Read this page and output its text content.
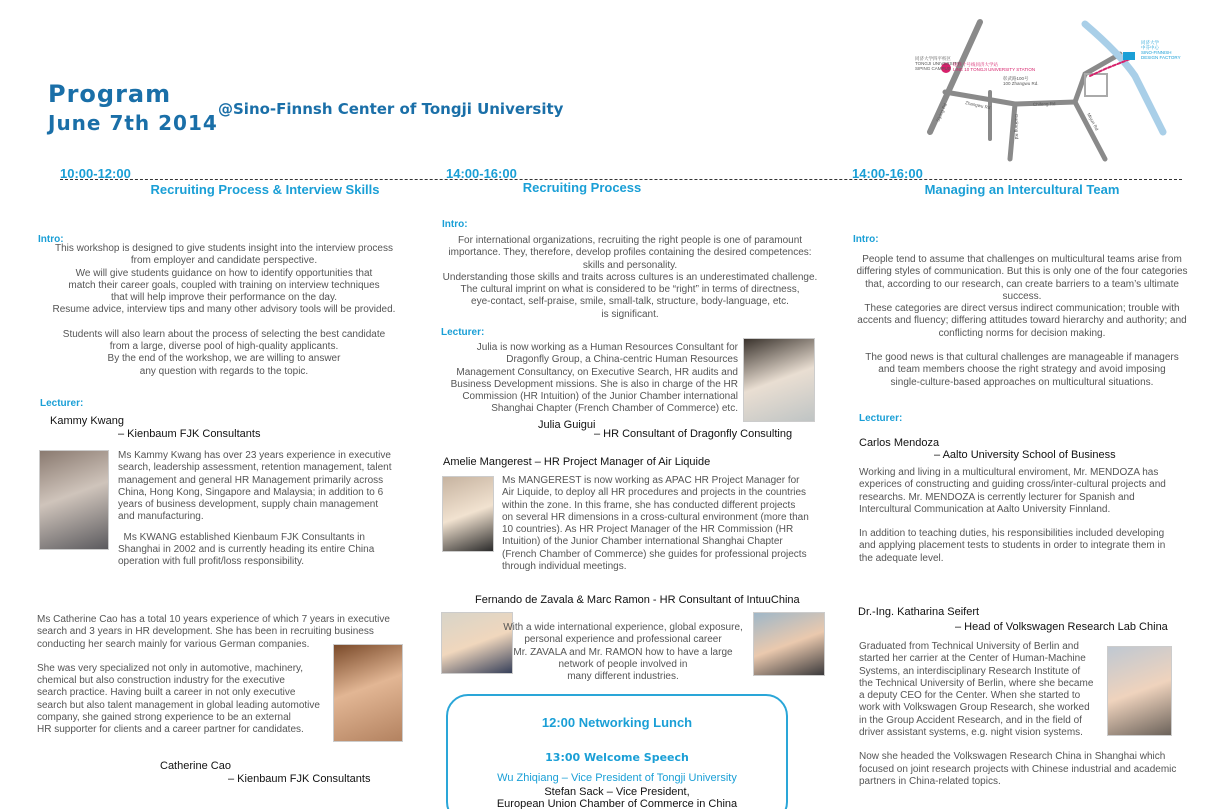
Program
June 7th 2014
@Sino-Finnsh Center of Tongji University
地铁十号线同济大学站 LINE 10 TONGJI UNIVERSITY STATION
同济大学四平校区 TONGJI UNIVERSITY SIPING CAMPUS
彰武路100号 100 Zhangwu Rd.
同济大学 中芬中心 SINO-FINNISH DESIGN FACTORY
Zhangwu Rd
Siping Rd	Chifeng Rd
Guokang Rd	Miyun Rd
10:00-12:00
Recruiting Process & Interview Skills
Intro:
This workshop is designed to give students insight into the interview process
from employer and candidate perspective.
We will give students guidance on how to identify opportunities that
match their career goals, coupled with training on interview techniques
that will help improve their performance on the day.
Resume advice, interview tips and many other advisory tools will be provided.
Students will also learn about the process of selecting the best candidate
from a large, diverse pool of high-quality applicants.
By the end of the workshop, we are willing to answer
any question with regards to the topic.
Lecturer:
Kammy Kwang
– Kienbaum FJK Consultants
Ms Kammy Kwang has over 23 years experience in executive
search, leadership assessment, retention management, talent
management and general HR Management primarily across
China, Hong Kong, Singapore and Malaysia; in addition to 6
years of business development, supply chain management
and manufacturing.
Ms KWANG established Kienbaum FJK Consultants in
Shanghai in 2002 and is currently heading its entire China
operation with full profit/loss responsibility.
Ms Catherine Cao has a total 10 years experience of which 7 years in executive
search and 3 years in HR development. She has been in recruiting business
conducting her search mainly for various German companies.
She was very specialized not only in automotive, machinery,
chemical but also construction industry for the executive
search practice. Having built a career in not only executive
search but also talent management in global leading automotive
company, she gained strong experience to be an external
HR supporter for clients and a career partner for candidates.
Catherine Cao
– Kienbaum FJK Consultants
14:00-16:00
Recruiting Process
Intro:
For international organizations, recruiting the right people is one of paramount
importance. They, therefore, develop profiles containing the desired competences:
skills and personality.
Understanding those skills and traits across cultures is an underestimated challenge.
The cultural imprint on what is considered to be “right” in terms of directness,
eye-contact, self-praise, smile, small-talk, structure, body-language, etc.
is significant.
Lecturer:
Julia is now working as a Human Resources Consultant for
Dragonfly Group, a China-centric Human Resources
Management Consultancy, on Executive Search, HR audits and
Business Development missions. She is also in charge of the HR
Commission (HR Intuition) of the Junior Chamber international
Shanghai Chapter (French Chamber of Commerce) etc.
Julia Guigui
– HR Consultant of Dragonfly Consulting
Amelie Mangerest – HR Project Manager of Air Liquide
Ms MANGEREST is now working as APAC HR Project Manager for
Air Liquide, to deploy all HR procedures and projects in the countries
within the zone. In this frame, she has conducted different projects
on several HR dimensions in a cross-cultural environment (more than
10 countries). As HR Project Manager of the HR Commission (HR
Intuition) of the Junior Chamber international Shanghai Chapter
(French Chamber of Commerce) she guides for professional projects
through individual meetings.
Fernando de Zavala & Marc Ramon - HR Consultant of IntuuChina
With a wide international experience, global exposure,
personal experience and professional career
Mr. ZAVALA and Mr. RAMON how to have a large
network of people involved in
many different industries.
12:00 Networking Lunch
13:00 Welcome Speech
Wu Zhiqiang – Vice President of Tongji University
Stefan Sack – Vice President,
European Union Chamber of Commerce in China
14:00-16:00
Managing an Intercultural Team
Intro:
People tend to assume that challenges on multicultural teams arise from
differing styles of communication. But this is only one of the four categories
that, according to our research, can create barriers to a team’s ultimate
success.
These categories are direct versus indirect communication; trouble with
accents and fluency; differing attitudes toward hierarchy and authority; and
conflicting norms for decision making.
The good news is that cultural challenges are manageable if managers
and team members choose the right strategy and avoid imposing
single-culture-based approaches on multicultural situations.
Lecturer:
Carlos Mendoza
– Aalto University School of Business
Working and living in a multicultural enviroment, Mr. MENDOZA has
experices of constructing and guiding cross/inter-cultural projects and
researchs. Mr. MENDOZA is cerrently lecturer for Spanish and
Intercultural Communication at Aalto University Finnland.
In addition to teaching duties, his responsibilities included developing
and applying placement tests to students in order to integrate them in
the adequate level.
Dr.-Ing. Katharina Seifert
– Head of Volkswagen Research Lab China
Graduated from Technical University of Berlin and
started her carrier at the Center of Human-Machine
Systems, an interdisciplinary Research Institute of
the Technical University of Berlin, where she became
a deputy CEO for the Center. When she started to
work with Volkswagen Group Research, she worked
in the Group Accident Research, and in the field of
driver assistant systems, e.g. night vision systems.
Now she headed the Volkswagen Research China in Shanghai which
focused on joint research projects with Chinese industrial and academic
partners in China-related topics.
